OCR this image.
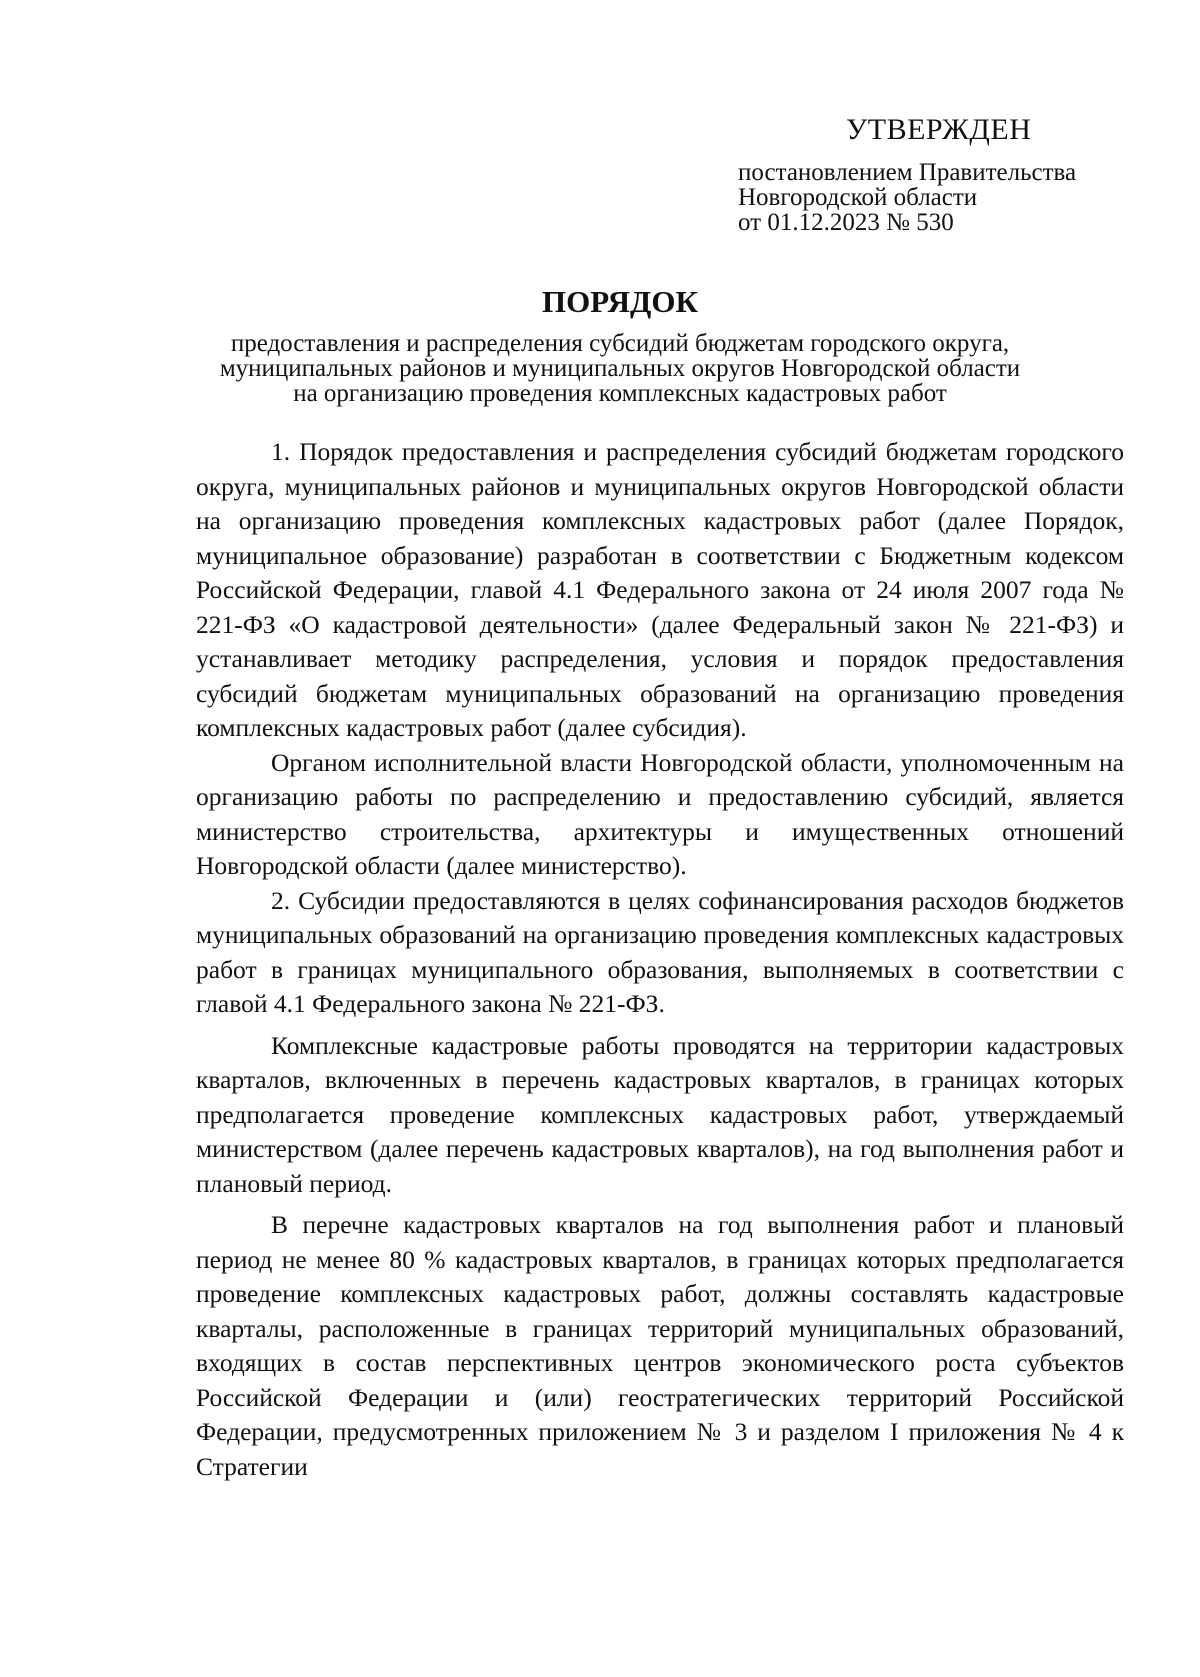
УТВЕРЖДЕН

постановлением Правительства

Новгородской области

от 01.12.2023 № 530

ПОРЯДОК

предоставления и распределения субсидий бюджетам городского округа,

муниципальных районов и муниципальных округов Новгородской области

на организацию проведения комплексных кадастровых работ

1. Порядок предоставления и распределения субсидий бюджетам городского округа, муниципальных районов и муниципальных округов Новгородской области на организацию проведения комплексных кадастровых работ (далее Порядок, муниципальное образование) разработан в соответствии с Бюджетным кодексом Российской Федерации, главой 4.1 Федерального закона от 24 июля 2007 года № 221-ФЗ «О кадастровой деятельности» (далее Федеральный закон № 221-ФЗ) и устанавливает методику распределения, условия и порядок предоставления субсидий бюджетам муниципальных образований на организацию проведения комплексных кадастровых работ (далее субсидия).

Органом исполнительной власти Новгородской области, уполномоченным на организацию работы по распределению и предоставлению субсидий, является министерство строительства, архитектуры и имущественных отношений Новгородской области (далее министерство).

2. Субсидии предоставляются в целях софинансирования расходов бюджетов муниципальных образований на организацию проведения комплексных кадастровых работ в границах муниципального образования, выполняемых в соответствии с главой 4.1 Федерального закона № 221-ФЗ.

Комплексные кадастровые работы проводятся на территории кадастровых кварталов, включенных в перечень кадастровых кварталов, в границах которых предполагается проведение комплексных кадастровых работ, утверждаемый министерством (далее перечень кадастровых кварталов), на год выполнения работ и плановый период.

В перечне кадастровых кварталов на год выполнения работ и плановый период не менее 80 % кадастровых кварталов, в границах которых предполагается проведение комплексных кадастровых работ, должны составлять кадастровые кварталы, расположенные в границах территорий муниципальных образований, входящих в состав перспективных центров экономического роста субъектов Российской Федерации и (или) геостратегических территорий Российской Федерации, предусмотренных приложением № 3 и разделом I приложения № 4 к Стратегии
